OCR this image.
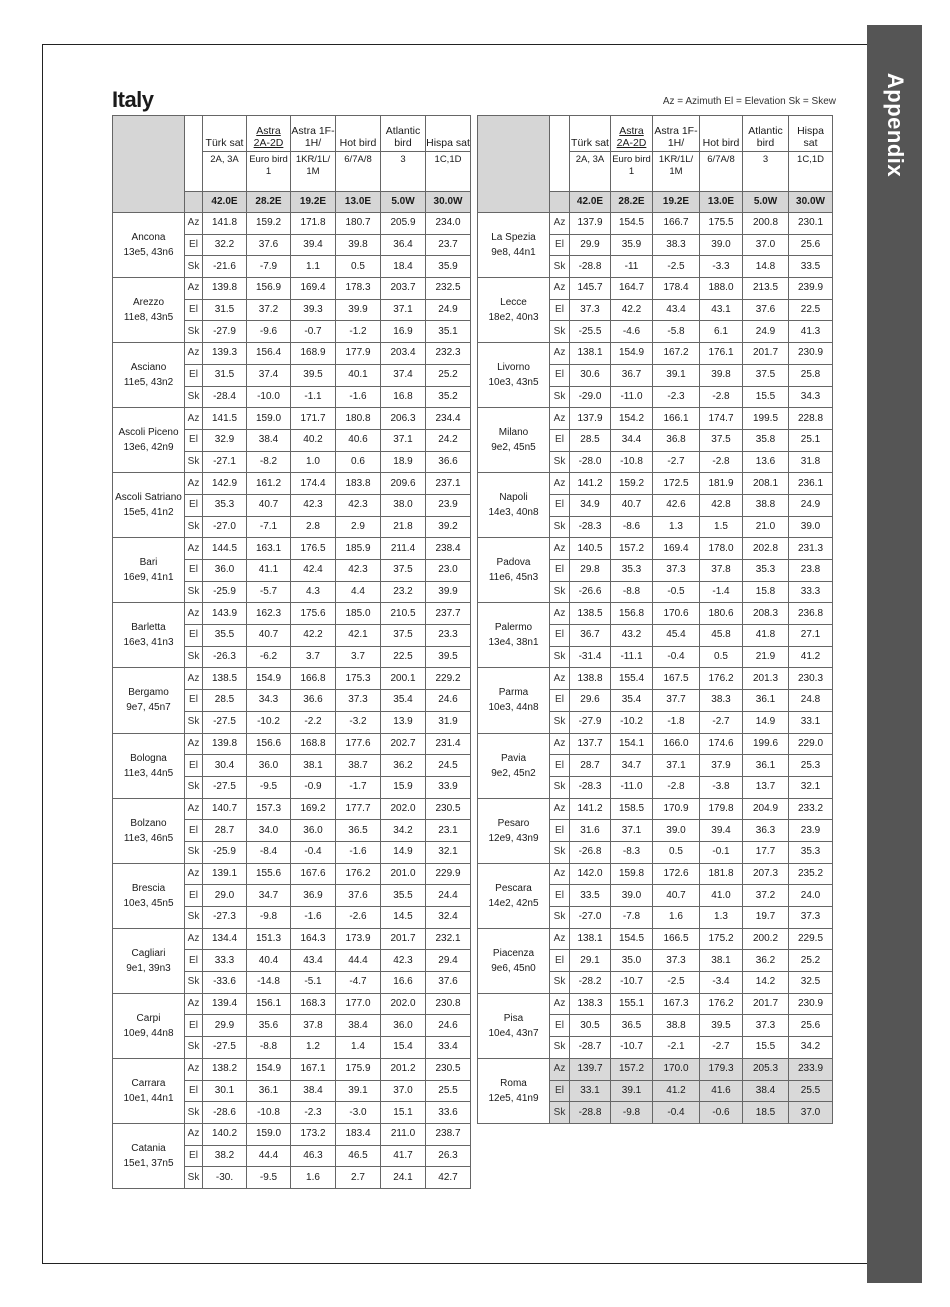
Appendix
Italy	Az = Azimuth El = Elevation Sk = Skew
		Türk sat	Astra 2A-2D	Astra 1F-1H/	Hot bird	Atlantic bird	Hispa sat
		2A, 3A	Euro bird 1	1KR/1L/ 1M	6/7A/8	3	1C,1D
		42.0E	28.2E	19.2E	13.0E	5.0W	30.0W

Ancona
13e5, 43n6	Az	141.8	159.2	171.8	180.7	205.9	234.0
	El	32.2	37.6	39.4	39.8	36.4	23.7
	Sk	-21.6	-7.9	1.1	0.5	18.4	35.9

Arezzo
11e8, 43n5	Az	139.8	156.9	169.4	178.3	203.7	232.5
	El	31.5	37.2	39.3	39.9	37.1	24.9
	Sk	-27.9	-9.6	-0.7	-1.2	16.9	35.1

Asciano
11e5, 43n2	Az	139.3	156.4	168.9	177.9	203.4	232.3
	El	31.5	37.4	39.5	40.1	37.4	25.2
	Sk	-28.4	-10.0	-1.1	-1.6	16.8	35.2

Ascoli Piceno
13e6, 42n9	Az	141.5	159.0	171.7	180.8	206.3	234.4
	El	32.9	38.4	40.2	40.6	37.1	24.2
	Sk	-27.1	-8.2	1.0	0.6	18.9	36.6

Ascoli Satriano
15e5, 41n2	Az	142.9	161.2	174.4	183.8	209.6	237.1
	El	35.3	40.7	42.3	42.3	38.0	23.9
	Sk	-27.0	-7.1	2.8	2.9	21.8	39.2

Bari
16e9, 41n1	Az	144.5	163.1	176.5	185.9	211.4	238.4
	El	36.0	41.1	42.4	42.3	37.5	23.0
	Sk	-25.9	-5.7	4.3	4.4	23.2	39.9

Barletta
16e3, 41n3	Az	143.9	162.3	175.6	185.0	210.5	237.7
	El	35.5	40.7	42.2	42.1	37.5	23.3
	Sk	-26.3	-6.2	3.7	3.7	22.5	39.5

Bergamo
9e7, 45n7	Az	138.5	154.9	166.8	175.3	200.1	229.2
	El	28.5	34.3	36.6	37.3	35.4	24.6
	Sk	-27.5	-10.2	-2.2	-3.2	13.9	31.9

Bologna
11e3, 44n5	Az	139.8	156.6	168.8	177.6	202.7	231.4
	El	30.4	36.0	38.1	38.7	36.2	24.5
	Sk	-27.5	-9.5	-0.9	-1.7	15.9	33.9

Bolzano
11e3, 46n5	Az	140.7	157.3	169.2	177.7	202.0	230.5
	El	28.7	34.0	36.0	36.5	34.2	23.1
	Sk	-25.9	-8.4	-0.4	-1.6	14.9	32.1

Brescia
10e3, 45n5	Az	139.1	155.6	167.6	176.2	201.0	229.9
	El	29.0	34.7	36.9	37.6	35.5	24.4
	Sk	-27.3	-9.8	-1.6	-2.6	14.5	32.4

Cagliari
9e1, 39n3	Az	134.4	151.3	164.3	173.9	201.7	232.1
	El	33.3	40.4	43.4	44.4	42.3	29.4
	Sk	-33.6	-14.8	-5.1	-4.7	16.6	37.6

Carpi
10e9, 44n8	Az	139.4	156.1	168.3	177.0	202.0	230.8
	El	29.9	35.6	37.8	38.4	36.0	24.6
	Sk	-27.5	-8.8	1.2	1.4	15.4	33.4

Carrara
10e1, 44n1	Az	138.2	154.9	167.1	175.9	201.2	230.5
	El	30.1	36.1	38.4	39.1	37.0	25.5
	Sk	-28.6	-10.8	-2.3	-3.0	15.1	33.6

Catania
15e1, 37n5	Az	140.2	159.0	173.2	183.4	211.0	238.7
	El	38.2	44.4	46.3	46.5	41.7	26.3
	Sk	-30.	-9.5	1.6	2.7	24.1	42.7
		Türk sat	Astra 2A-2D	Astra 1F-1H/	Hot bird	Atlantic bird	Hispa sat
		2A, 3A	Euro bird 1	1KR/1L/ 1M	6/7A/8	3	1C,1D
		42.0E	28.2E	19.2E	13.0E	5.0W	30.0W

La Spezia
9e8, 44n1	Az	137.9	154.5	166.7	175.5	200.8	230.1
	El	29.9	35.9	38.3	39.0	37.0	25.6
	Sk	-28.8	-11	-2.5	-3.3	14.8	33.5

Lecce
18e2, 40n3	Az	145.7	164.7	178.4	188.0	213.5	239.9
	El	37.3	42.2	43.4	43.1	37.6	22.5
	Sk	-25.5	-4.6	-5.8	6.1	24.9	41.3

Livorno
10e3, 43n5	Az	138.1	154.9	167.2	176.1	201.7	230.9
	El	30.6	36.7	39.1	39.8	37.5	25.8
	Sk	-29.0	-11.0	-2.3	-2.8	15.5	34.3

Milano
9e2, 45n5	Az	137.9	154.2	166.1	174.7	199.5	228.8
	El	28.5	34.4	36.8	37.5	35.8	25.1
	Sk	-28.0	-10.8	-2.7	-2.8	13.6	31.8

Napoli
14e3, 40n8	Az	141.2	159.2	172.5	181.9	208.1	236.1
	El	34.9	40.7	42.6	42.8	38.8	24.9
	Sk	-28.3	-8.6	1.3	1.5	21.0	39.0

Padova
11e6, 45n3	Az	140.5	157.2	169.4	178.0	202.8	231.3
	El	29.8	35.3	37.3	37.8	35.3	23.8
	Sk	-26.6	-8.8	-0.5	-1.4	15.8	33.3

Palermo
13e4, 38n1	Az	138.5	156.8	170.6	180.6	208.3	236.8
	El	36.7	43.2	45.4	45.8	41.8	27.1
	Sk	-31.4	-11.1	-0.4	0.5	21.9	41.2

Parma
10e3, 44n8	Az	138.8	155.4	167.5	176.2	201.3	230.3
	El	29.6	35.4	37.7	38.3	36.1	24.8
	Sk	-27.9	-10.2	-1.8	-2.7	14.9	33.1

Pavia
9e2, 45n2	Az	137.7	154.1	166.0	174.6	199.6	229.0
	El	28.7	34.7	37.1	37.9	36.1	25.3
	Sk	-28.3	-11.0	-2.8	-3.8	13.7	32.1

Pesaro
12e9, 43n9	Az	141.2	158.5	170.9	179.8	204.9	233.2
	El	31.6	37.1	39.0	39.4	36.3	23.9
	Sk	-26.8	-8.3	0.5	-0.1	17.7	35.3

Pescara
14e2, 42n5	Az	142.0	159.8	172.6	181.8	207.3	235.2
	El	33.5	39.0	40.7	41.0	37.2	24.0
	Sk	-27.0	-7.8	1.6	1.3	19.7	37.3

Piacenza
9e6, 45n0	Az	138.1	154.5	166.5	175.2	200.2	229.5
	El	29.1	35.0	37.3	38.1	36.2	25.2
	Sk	-28.2	-10.7	-2.5	-3.4	14.2	32.5

Pisa
10e4, 43n7	Az	138.3	155.1	167.3	176.2	201.7	230.9
	El	30.5	36.5	38.8	39.5	37.3	25.6
	Sk	-28.7	-10.7	-2.1	-2.7	15.5	34.2

Roma
12e5, 41n9	Az	139.7	157.2	170.0	179.3	205.3	233.9
	El	33.1	39.1	41.2	41.6	38.4	25.5
	Sk	-28.8	-9.8	-0.4	-0.6	18.5	37.0
